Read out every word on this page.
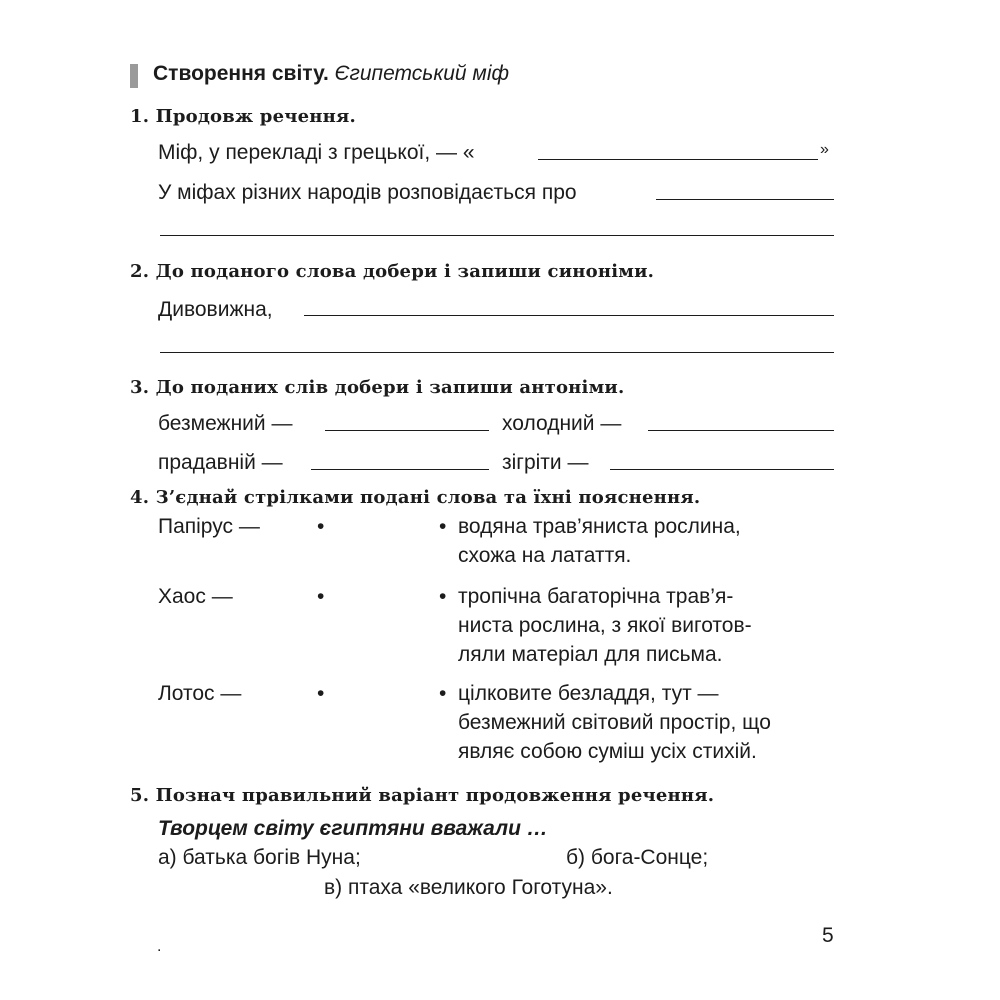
Створення світу. Єгипетський міф
1. Продовж речення.
Міф, у перекладі з грецької, — «	»
У міфах різних народів розповідається про
2. До поданого слова добери і запиши синоніми.
Дивовижна,
3. До поданих слів добери і запиши антоніми.
безмежний —	холодний —
прадавній —	зігріти —
4. З’єднай стрілками подані слова та їхні пояснення.
Папірус —	•	• водяна трав’яниста рослина,
схожа на латаття.
Хаос —	•	• тропічна багаторічна трав’я-
ниста рослина, з якої виготов-
ляли матеріал для письма.
Лотос —	•	• цілковите безладдя, тут —
безмежний світовий простір, що
являє собою суміш усіх стихій.
5. Познач правильний варіант продовження речення.
Творцем світу єгиптяни вважали …
а) батька богів Нуна;	б) бога-Сонце;
в) птаха «великого Гоготуна».
5
.
